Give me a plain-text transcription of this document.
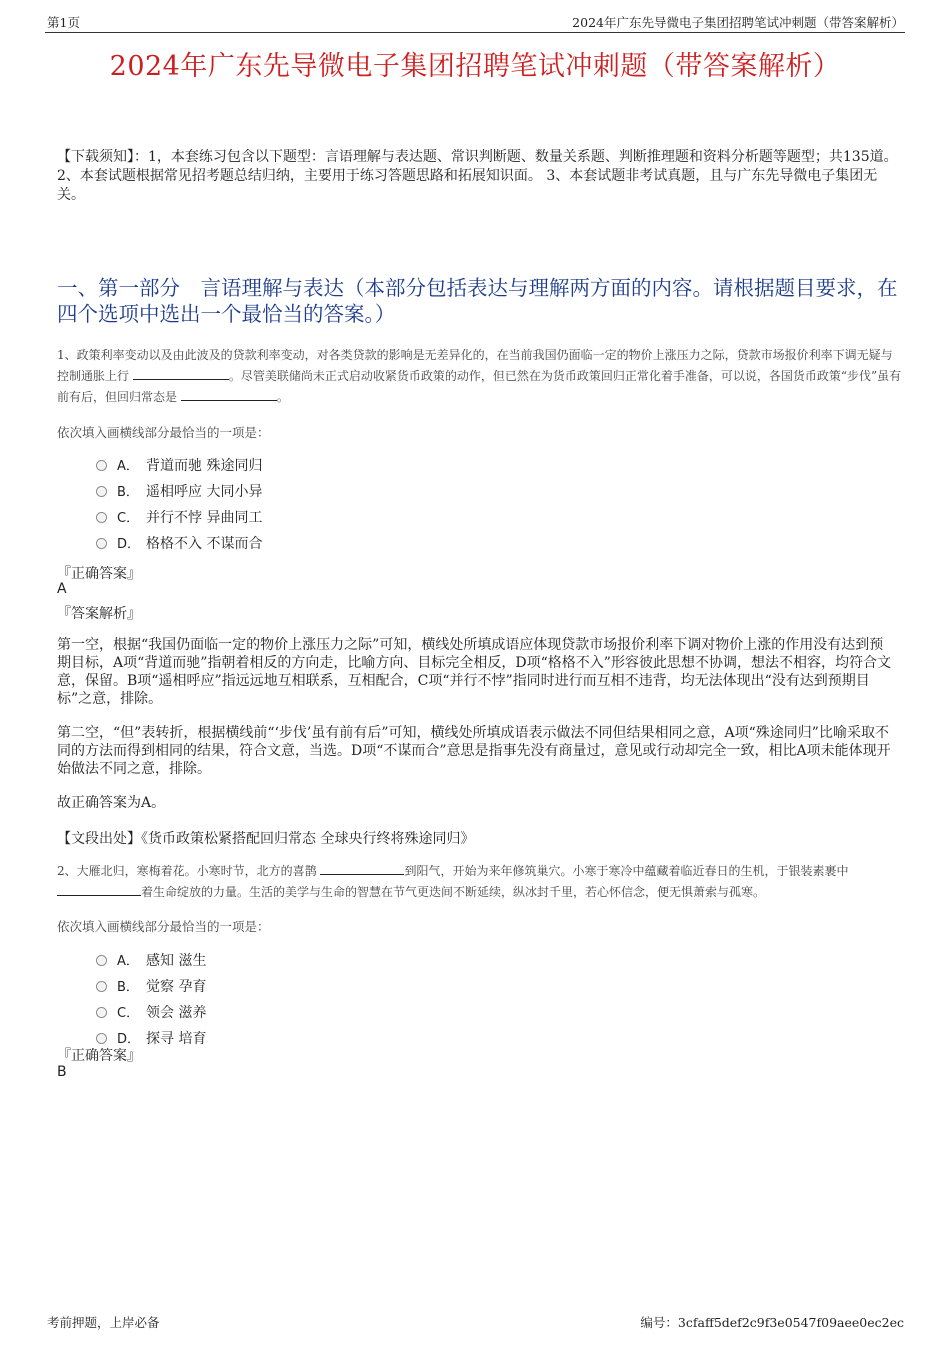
第1页	2024年广东先导微电子集团招聘笔试冲刺题（带答案解析）
2024年广东先导微电子集团招聘笔试冲刺题（带答案解析）
【下载须知】：1，本套练习包含以下题型：言语理解与表达题、常识判断题、数量关系题、判断推理题和资料分析题等题型；共135道。 2、本套试题根据常见招考题总结归纳，主要用于练习答题思路和拓展知识面。 3、本套试题非考试真题，且与广东先导微电子集团无关。
一、第一部分　言语理解与表达（本部分包括表达与理解两方面的内容。请根据题目要求，在四个选项中选出一个最恰当的答案。）
1、政策利率变动以及由此波及的贷款利率变动，对各类贷款的影响是无差异化的，在当前我国仍面临一定的物价上涨压力之际，贷款市场报价利率下调无疑与控制通胀上行	。尽管美联储尚未正式启动收紧货币政策的动作，但已然在为货币政策回归正常化着手准备，可以说，各国货币政策“步伐”虽有前有后，但回归常态是	。
依次填入画横线部分最恰当的一项是：
A． 背道而驰 殊途同归
B． 遥相呼应 大同小异
C． 并行不悖 异曲同工
D． 格格不入 不谋而合
『正确答案』
A
『答案解析』
第一空，根据“我国仍面临一定的物价上涨压力之际”可知，横线处所填成语应体现贷款市场报价利率下调对物价上涨的作用没有达到预期目标，A项“背道而驰”指朝着相反的方向走，比喻方向、目标完全相反，D项“格格不入”形容彼此思想不协调，想法不相容，均符合文意，保留。B项“遥相呼应”指远远地互相联系，互相配合，C项“并行不悖”指同时进行而互相不违背，均无法体现出“没有达到预期目标”之意，排除。
第二空，“但”表转折，根据横线前“‘步伐’虽有前有后”可知，横线处所填成语表示做法不同但结果相同之意，A项“殊途同归”比喻采取不同的方法而得到相同的结果，符合文意，当选。D项“不谋而合”意思是指事先没有商量过，意见或行动却完全一致，相比A项未能体现开始做法不同之意，排除。
故正确答案为A。
【文段出处】《货币政策松紧搭配回归常态 全球央行终将殊途同归》
2、大雁北归，寒梅着花。小寒时节，北方的喜鹊	到阳气，开始为来年修筑巢穴。小寒于寒冷中蕴藏着临近春日的生机，于银装素裹中 着生命绽放的力量。生活的美学与生命的智慧在节气更迭间不断延续，纵冰封千里，若心怀信念，便无惧萧索与孤寒。
依次填入画横线部分最恰当的一项是：
A． 感知 滋生
B． 觉察 孕育
C． 领会 滋养
D． 探寻 培育
『正确答案』
B
考前押题，上岸必备	编号：3cfaff5def2c9f3e0547f09aee0ec2ec
